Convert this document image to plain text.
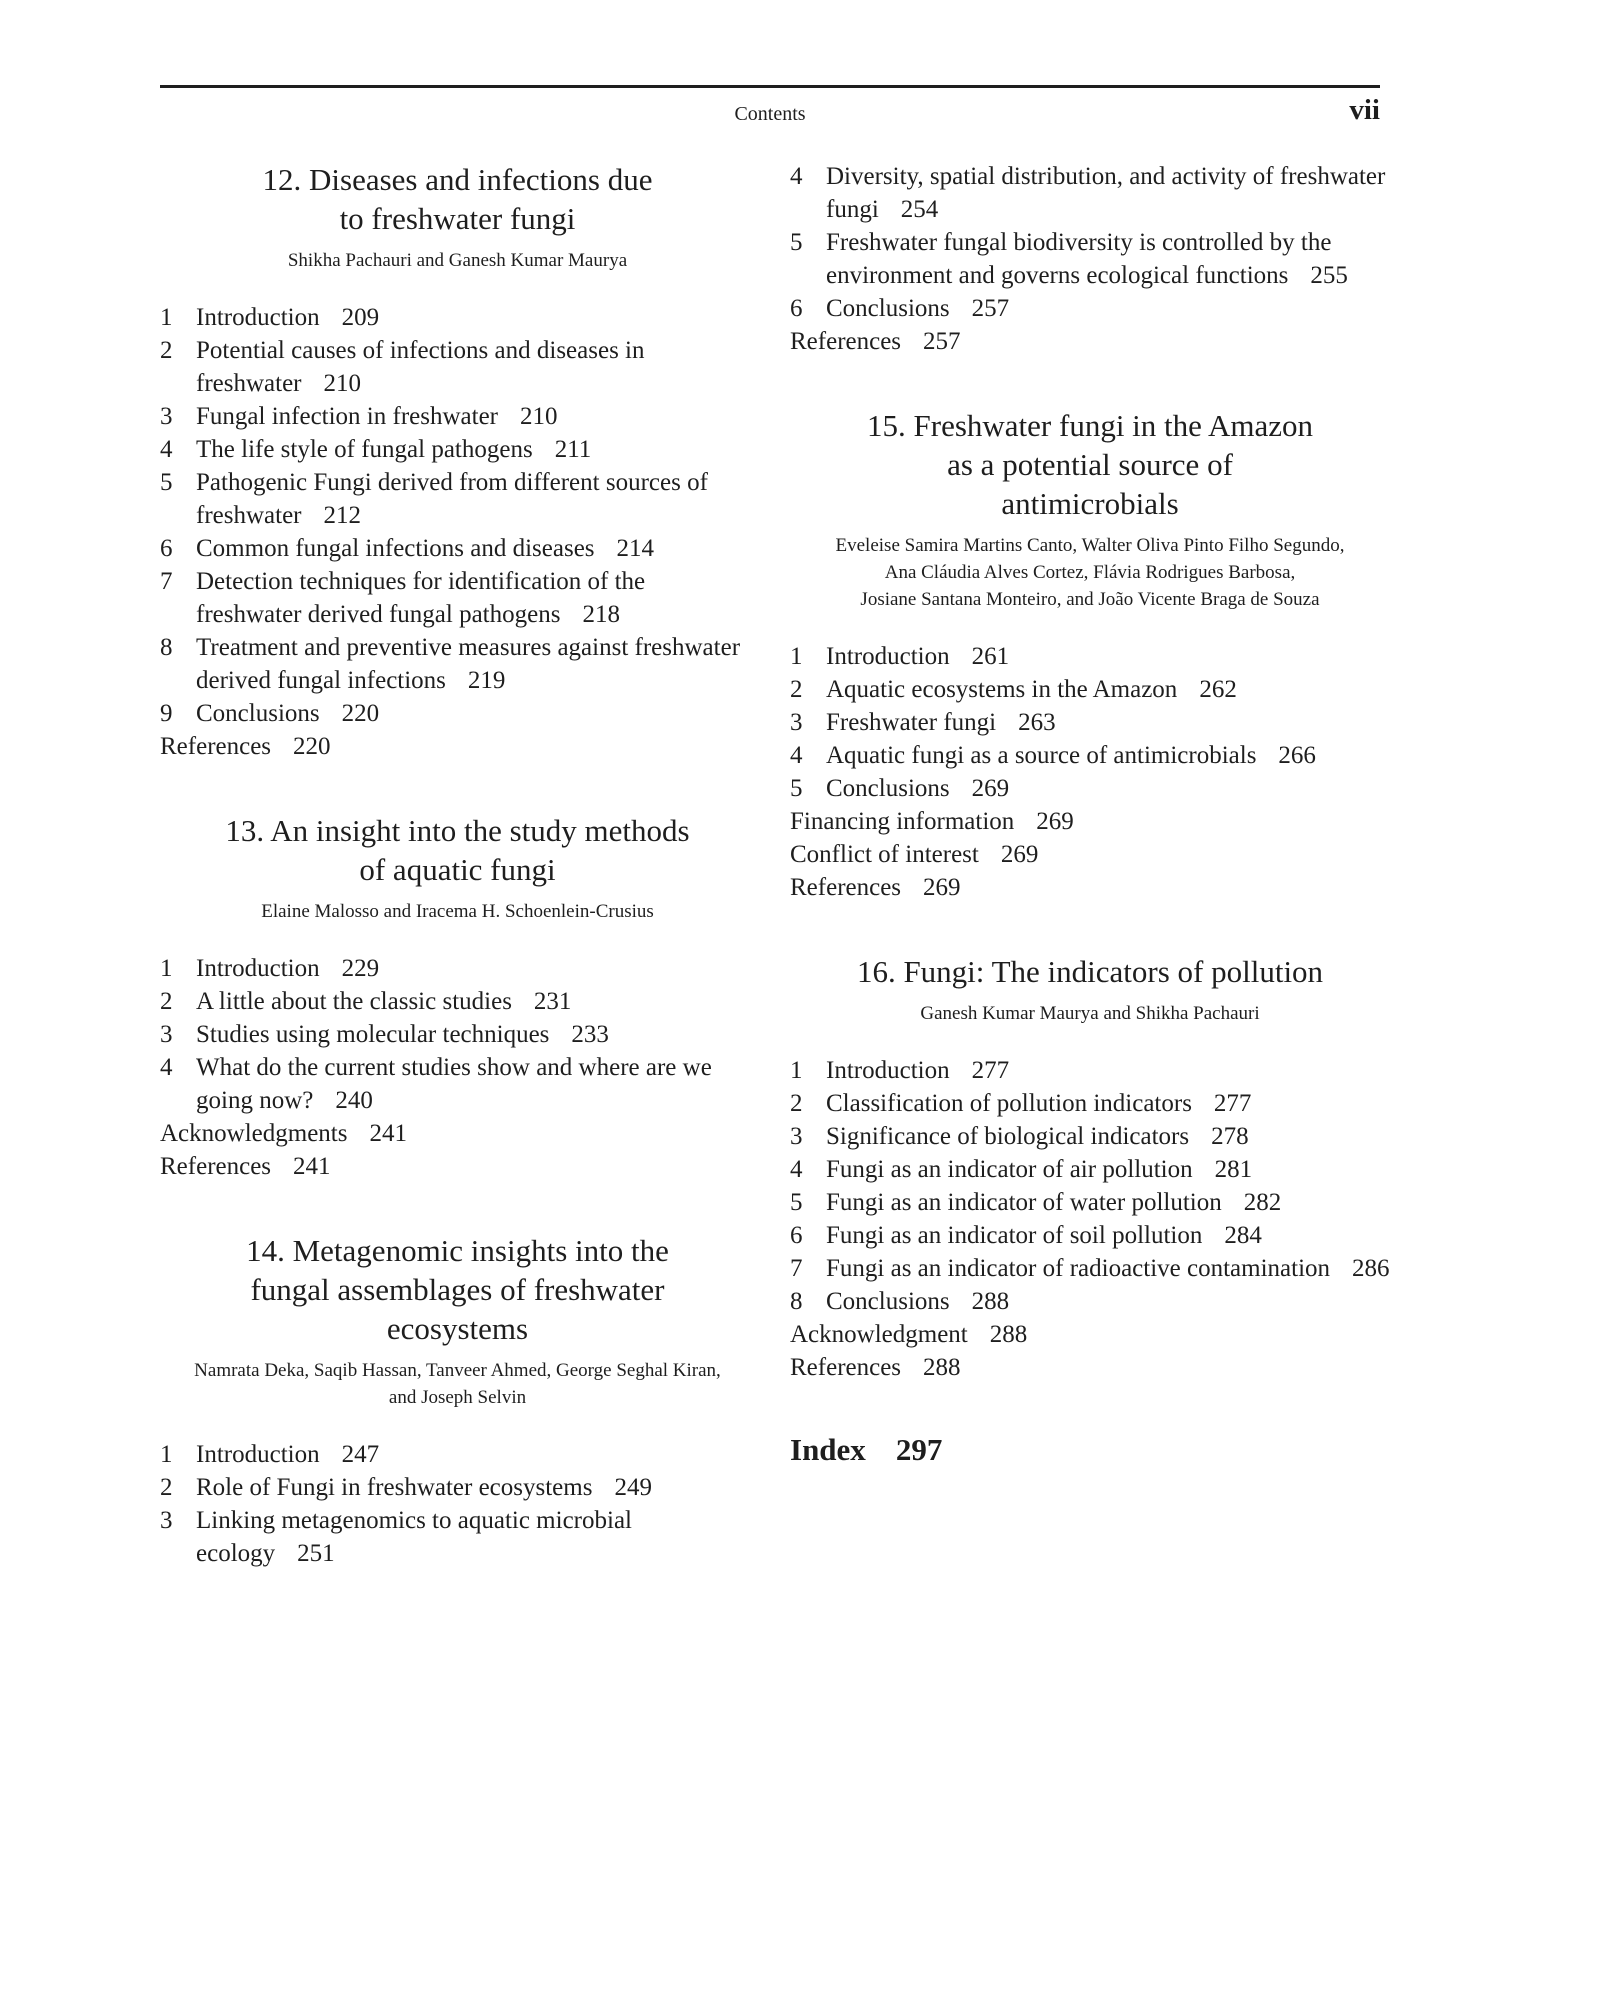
Contents	vii
12. Diseases and infections due
to freshwater fungi
Shikha Pachauri and Ganesh Kumar Maurya
1 Introduction 209
2 Potential causes of infections and diseases in freshwater 210
3 Fungal infection in freshwater 210
4 The life style of fungal pathogens 211
5 Pathogenic Fungi derived from different sources of freshwater 212
6 Common fungal infections and diseases 214
7 Detection techniques for identification of the freshwater derived fungal pathogens 218
8 Treatment and preventive measures against freshwater derived fungal infections 219
9 Conclusions 220
References 220
13. An insight into the study methods
of aquatic fungi
Elaine Malosso and Iracema H. Schoenlein-Crusius
1 Introduction 229
2 A little about the classic studies 231
3 Studies using molecular techniques 233
4 What do the current studies show and where are we going now? 240
Acknowledgments 241
References 241
14. Metagenomic insights into the
fungal assemblages of freshwater
ecosystems
Namrata Deka, Saqib Hassan, Tanveer Ahmed, George Seghal Kiran,
and Joseph Selvin
1 Introduction 247
2 Role of Fungi in freshwater ecosystems 249
3 Linking metagenomics to aquatic microbial ecology 251
4 Diversity, spatial distribution, and activity of freshwater fungi 254
5 Freshwater fungal biodiversity is controlled by the environment and governs ecological functions 255
6 Conclusions 257
References 257
15. Freshwater fungi in the Amazon
as a potential source of
antimicrobials
Eveleise Samira Martins Canto, Walter Oliva Pinto Filho Segundo,
Ana Cláudia Alves Cortez, Flávia Rodrigues Barbosa,
Josiane Santana Monteiro, and João Vicente Braga de Souza
1 Introduction 261
2 Aquatic ecosystems in the Amazon 262
3 Freshwater fungi 263
4 Aquatic fungi as a source of antimicrobials 266
5 Conclusions 269
Financing information 269
Conflict of interest 269
References 269
16. Fungi: The indicators of pollution
Ganesh Kumar Maurya and Shikha Pachauri
1 Introduction 277
2 Classification of pollution indicators 277
3 Significance of biological indicators 278
4 Fungi as an indicator of air pollution 281
5 Fungi as an indicator of water pollution 282
6 Fungi as an indicator of soil pollution 284
7 Fungi as an indicator of radioactive contamination 286
8 Conclusions 288
Acknowledgment 288
References 288
Index 297
